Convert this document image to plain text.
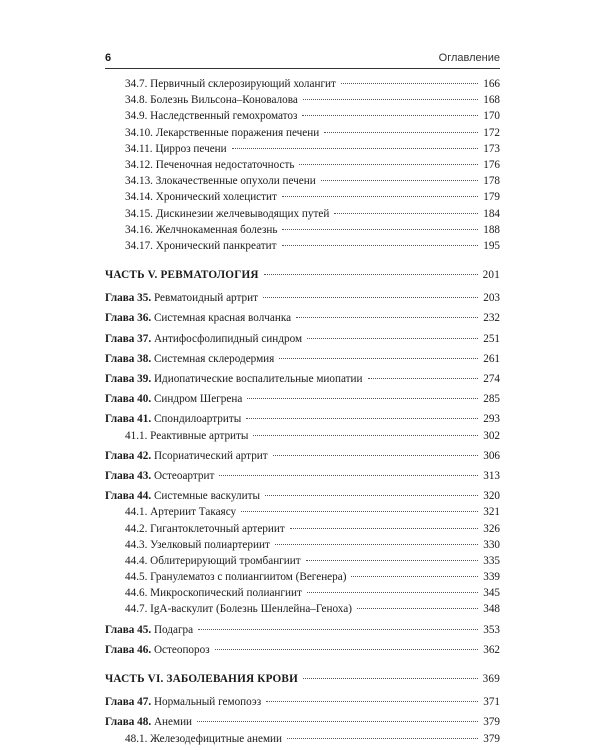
6	Оглавление
34.7. Первичный склерозирующий холангит	166
34.8. Болезнь Вильсона–Коновалова	168
34.9. Наследственный гемохроматоз	170
34.10. Лекарственные поражения печени	172
34.11. Цирроз печени	173
34.12. Печеночная недостаточность	176
34.13. Злокачественные опухоли печени	178
34.14. Хронический холецистит	179
34.15. Дискинезии желчевыводящих путей	184
34.16. Желчнокаменная болезнь	188
34.17. Хронический панкреатит	195
ЧАСТЬ V. РЕВМАТОЛОГИЯ	201
Глава 35. Ревматоидный артрит	203
Глава 36. Системная красная волчанка	232
Глава 37. Антифосфолипидный синдром	251
Глава 38. Системная склеродермия	261
Глава 39. Идиопатические воспалительные миопатии	274
Глава 40. Синдром Шегрена	285
Глава 41. Спондилоартриты	293
41.1. Реактивные артриты	302
Глава 42. Псориатический артрит	306
Глава 43. Остеоартрит	313
Глава 44. Системные васкулиты	320
44.1. Артериит Такаясу	321
44.2. Гигантоклеточный артериит	326
44.3. Узелковый полиартериит	330
44.4. Облитерирующий тромбангиит	335
44.5. Гранулематоз с полиангиитом (Вегенера)	339
44.6. Микроскопический полиангиит	345
44.7. IgA-васкулит (Болезнь Шенлейна–Геноха)	348
Глава 45. Подагра	353
Глава 46. Остеопороз	362
ЧАСТЬ VI. ЗАБОЛЕВАНИЯ КРОВИ	369
Глава 47. Нормальный гемопоэз	371
Глава 48. Анемии	379
48.1. Железодефицитные анемии	379
